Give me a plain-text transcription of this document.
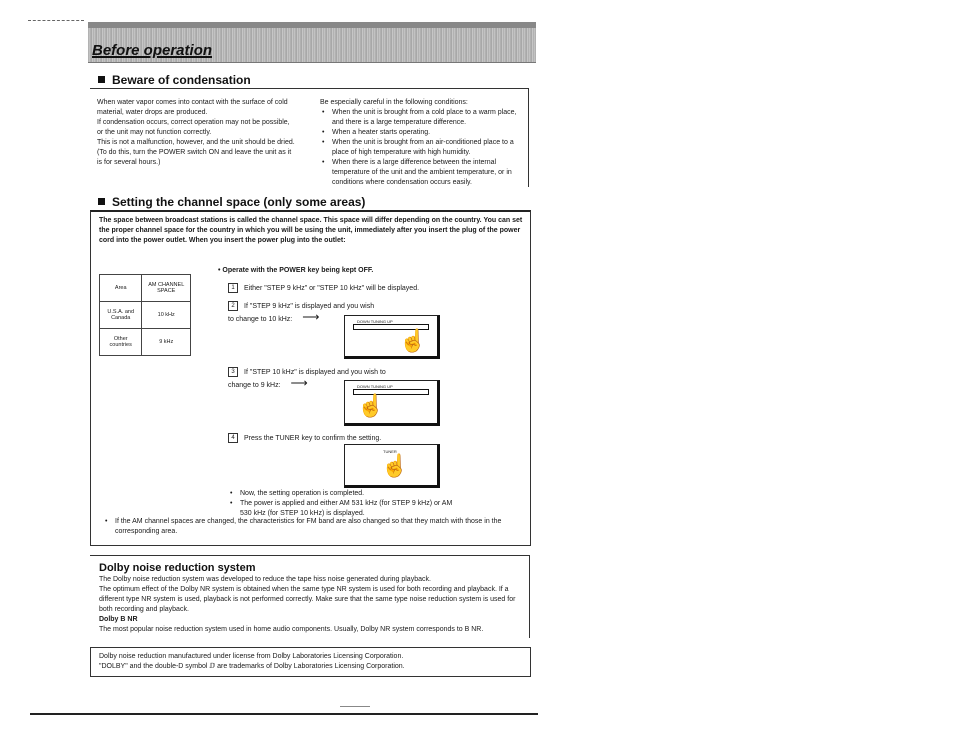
Before operation
Beware of condensation
When water vapor comes into contact with the surface of cold
material, water drops are produced.
If condensation occurs, correct operation may not be possible,
or the unit may not function correctly.
This is not a malfunction, however, and the unit should be dried.
(To do this, turn the POWER switch ON and leave the unit as it
is for several hours.)
Be especially careful in the following conditions:
• When the unit is brought from a cold place to a warm place, and there is a large temperature difference.
• When a heater starts operating.
• When the unit is brought from an air-conditioned place to a place of high temperature with high humidity.
• When there is a large difference between the internal temperature of the unit and the ambient temperature, or in conditions where condensation occurs easily.
Setting the channel space (only some areas)
The space between broadcast stations is called the channel space. This space will differ depending on the country. You can set the proper channel space for the country in which you will be using the unit, immediately after you insert the plug of the power cord into the power outlet. When you insert the power plug into the outlet:
Area	AM CHANNEL SPACE
U.S.A. and Canada	10 kHz
Other countries	9 kHz
• Operate with the POWER key being kept OFF.
1 Either "STEP 9 kHz" or "STEP 10 kHz" will be displayed.
2 If "STEP 9 kHz" is displayed and you wish to change to 10 kHz: ⟶	DOWN TUNING UP
☝
3 If "STEP 10 kHz" is displayed and you wish to change to 9 kHz: ⟶	DOWN TUNING UP
☝
4 Press the TUNER key to confirm the setting.
TUNER
☝
• Now, the setting operation is completed.
• The power is applied and either AM 531 kHz (for STEP 9 kHz) or AM 530 kHz (for STEP 10 kHz) is displayed.
• If the AM channel spaces are changed, the characteristics for FM band are also changed so that they match with those in the corresponding area.
Dolby noise reduction system
The Dolby noise reduction system was developed to reduce the tape hiss noise generated during playback.
The optimum effect of the Dolby NR system is obtained when the same type NR system is used for both recording and playback. If a different type NR system is used, playback is not performed correctly. Make sure that the same type noise reduction system is used for both recording and playback.
Dolby B NR
The most popular noise reduction system used in home audio components. Usually, Dolby NR system corresponds to B NR.
Dolby noise reduction manufactured under license from Dolby Laboratories Licensing Corporation.
"DOLBY" and the double-D symbol ⅅ are trademarks of Dolby Laboratories Licensing Corporation.
